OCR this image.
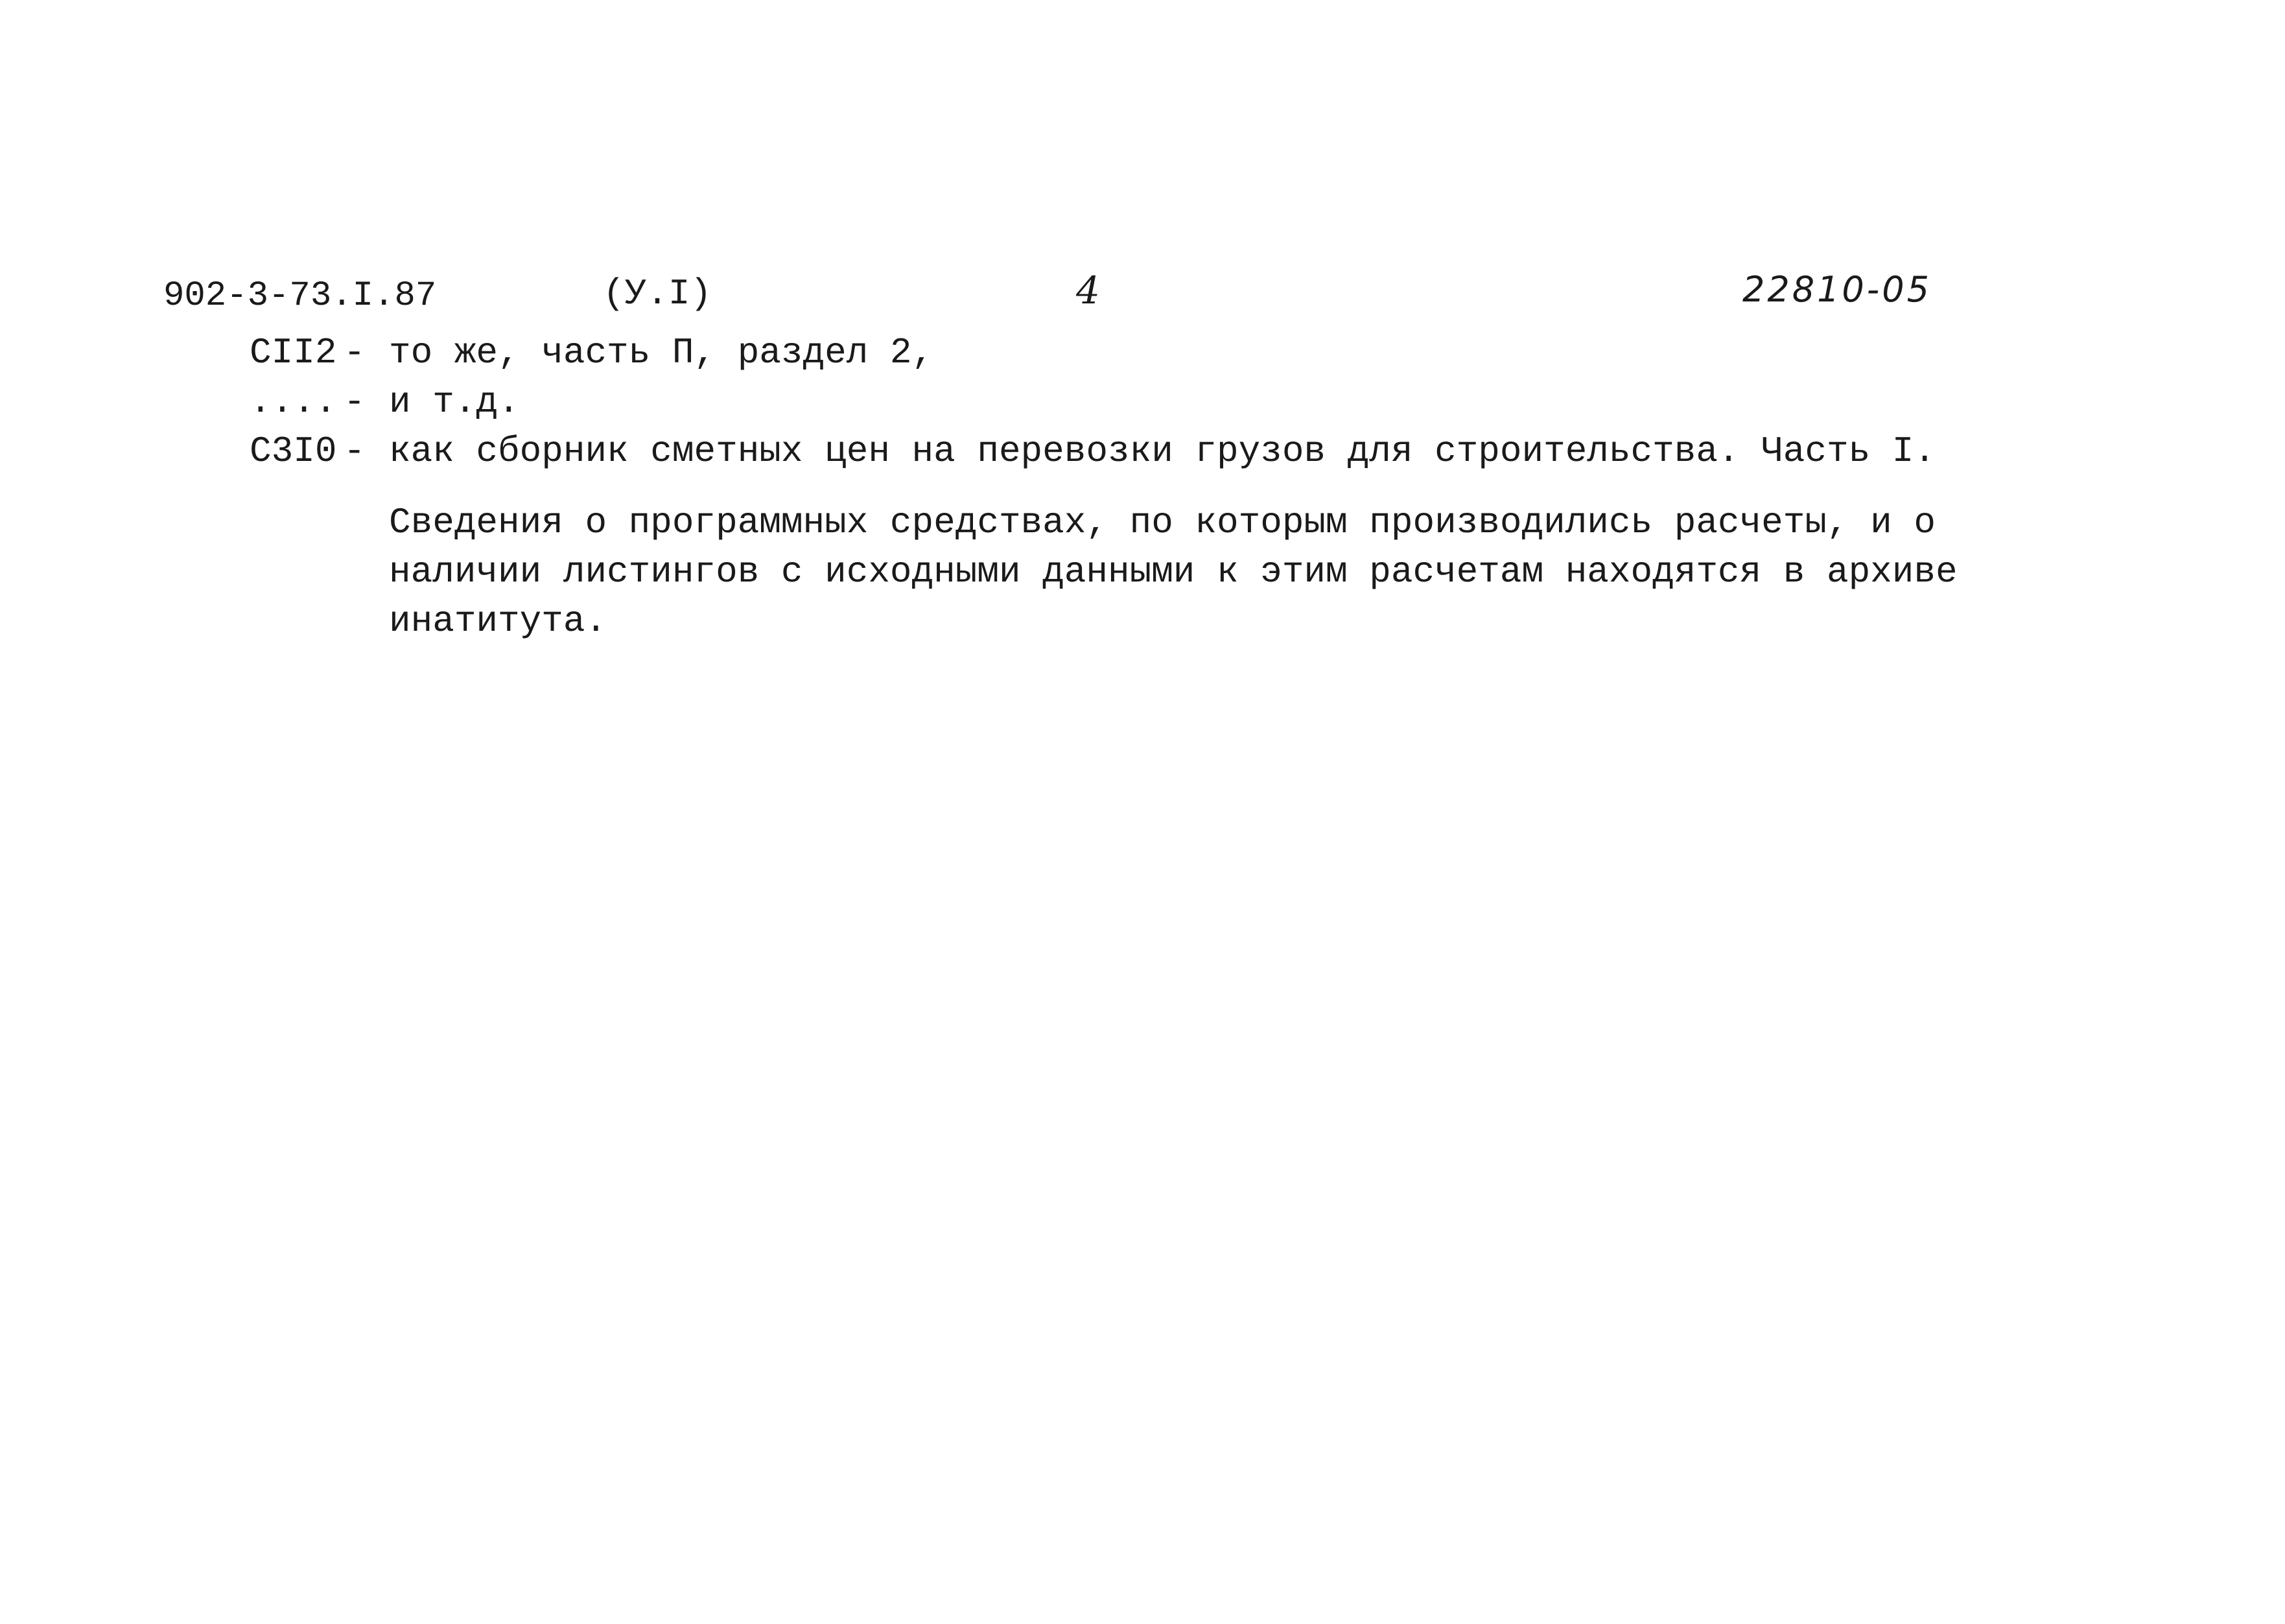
902-3-73.I.87	(У.I)	4	22810-05
СII2 - то же, часть П, раздел 2,
.... - и т.д.
С3I0 - как сборник сметных цен на перевозки грузов для строительства. Часть I.
Сведения о программных средствах, по которым производились расчеты, и о
наличии листингов с исходными данными к этим расчетам находятся в архиве
инатитута.
